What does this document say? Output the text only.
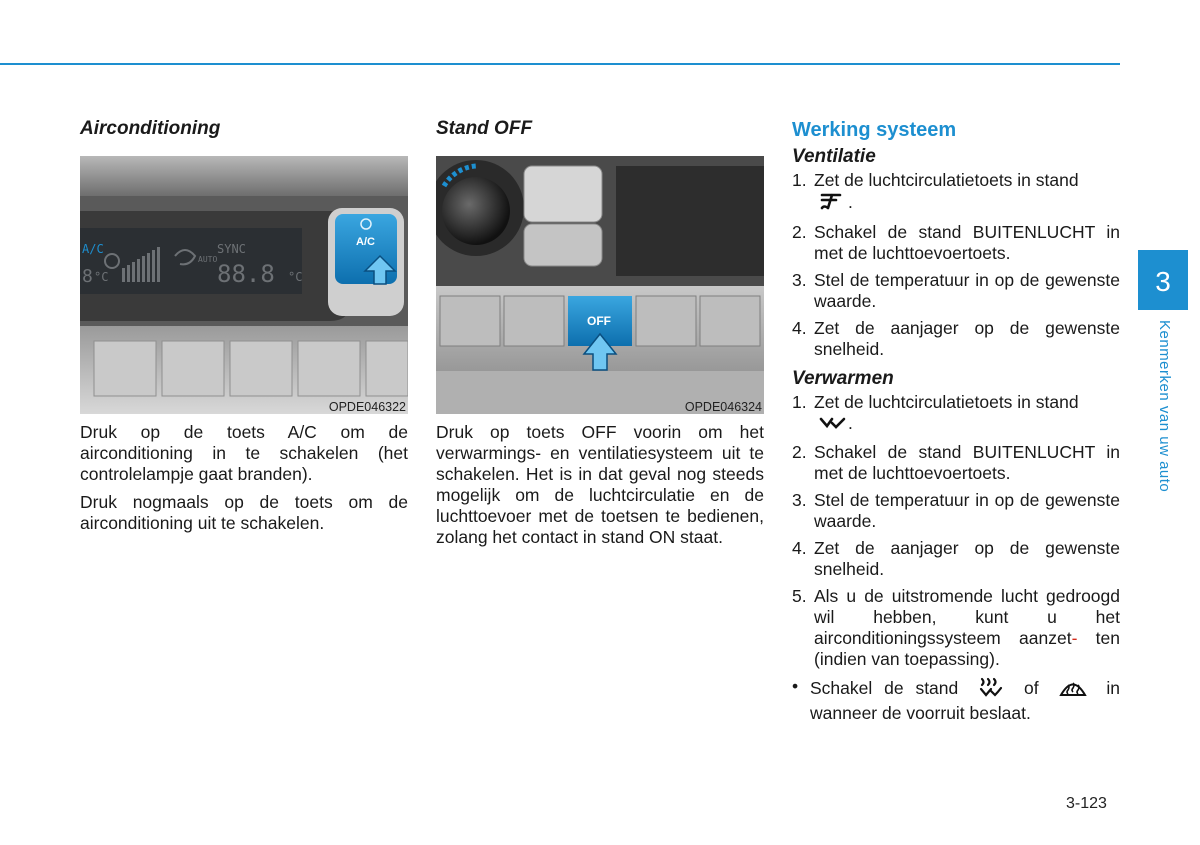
Airconditioning
A/C	SYNC
8 °C
AUTO
88.8 °C
A/C
OPDE046322

Druk op de toets A/C om de airconditioning in te schakelen (het controlelampje gaat branden).

Druk nogmaals op de toets om de airconditioning uit te schakelen.

Stand OFF
OFF
OPDE046324

Druk op toets OFF voorin om het verwarmings- en ventilatiesysteem uit te schakelen. Het is in dat geval nog steeds mogelijk om de luchtcirculatie en de luchttoevoer met de toetsen te bedienen, zolang het contact in stand ON staat.

Werking systeem
Ventilatie
1. Zet de luchtcirculatietoets in stand
.
2. Schakel de stand BUITENLUCHT in met de luchttoevoertoets.
3. Stel de temperatuur in op de gewenste waarde.
4. Zet de aanjager op de gewenste snelheid.
Verwarmen
1. Zet de luchtcirculatietoets in stand
.
2. Schakel de stand BUITENLUCHT in met de luchttoevoertoets.
3. Stel de temperatuur in op de gewenste waarde.
4. Zet de aanjager op de gewenste snelheid.
5. Als u de uitstromende lucht gedroogd wil hebben, kunt u het airconditioningssysteem aanzet- ten (indien van toepassing).
• Schakel de stand	of	in wanneer de voorruit beslaat.
3
Kenmerken van uw auto
3-123
